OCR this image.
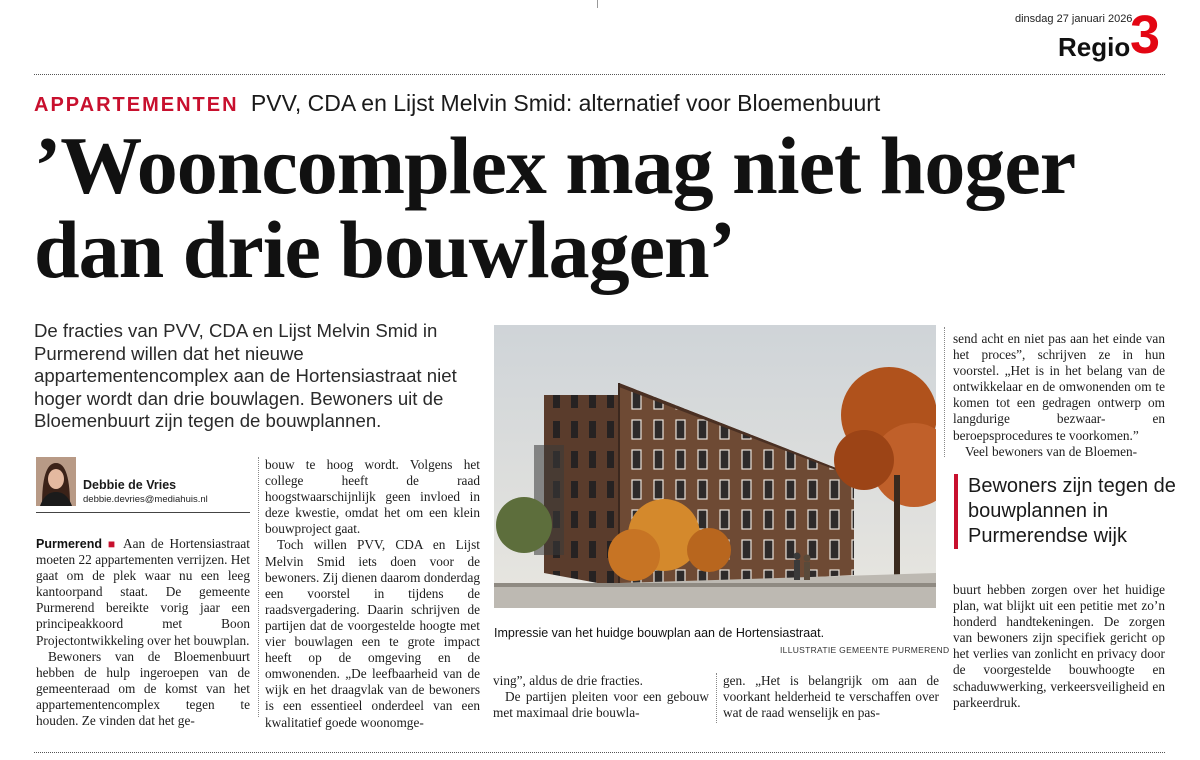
dinsdag 27 januari 2026
Regio 3
APPARTEMENTEN PVV, CDA en Lijst Melvin Smid: alternatief voor Bloemenbuurt
’Wooncomplex mag niet hoger dan drie bouwlagen’
De fracties van PVV, CDA en Lijst Melvin Smid in Purmerend willen dat het nieuwe appartementencomplex aan de Hortensiastraat niet hoger wordt dan drie bouwlagen. Bewoners uit de Bloemenbuurt zijn tegen de bouwplannen.
Debbie de Vries
debbie.devries@mediahuis.nl

Purmerend ■ Aan de Hortensiastraat moeten 22 appartementen verrijzen. Het gaat om de plek waar nu een leeg kantoorpand staat. De gemeente Purmerend bereikte vorig jaar een principeakkoord met Boon Projectontwikkeling over het bouwplan.

Bewoners van de Bloemenbuurt hebben de hulp ingeroepen van de gemeenteraad om de komst van het appartementencomplex tegen te houden. Ze vinden dat het ge-

bouw te hoog wordt. Volgens het college heeft de raad hoogstwaarschijnlijk geen invloed in deze kwestie, omdat het om een klein bouwproject gaat.

Toch willen PVV, CDA en Lijst Melvin Smid iets doen voor de bewoners. Zij dienen daarom donderdag een voorstel in tijdens de raadsvergadering. Daarin schrijven de partijen dat de voorgestelde hoogte met vier bouwlagen een te grote impact heeft op de omgeving en de omwonenden. „De leefbaarheid van de wijk en het draagvlak van de bewoners is een essentieel onderdeel van een kwalitatief goede woonomge-

Impressie van het huidge bouwplan aan de Hortensiastraat.
ILLUSTRATIE GEMEENTE PURMEREND

ving”, aldus de drie fracties.

De partijen pleiten voor een gebouw met maximaal drie bouwla-

gen. „Het is belangrijk om aan de voorkant helderheid te verschaffen over wat de raad wenselijk en pas-

send acht en niet pas aan het einde van het proces”, schrijven ze in hun voorstel. „Het is in het belang van de ontwikkelaar en de omwonenden om te komen tot een gedragen ontwerp om langdurige bezwaar- en beroepsprocedures te voorkomen.”

Veel bewoners van de Bloemen-

Bewoners zijn tegen de bouwplannen in Purmerendse wijk

buurt hebben zorgen over het huidige plan, wat blijkt uit een petitie met zo’n honderd handtekeningen. De zorgen van bewoners zijn specifiek gericht op het verlies van zonlicht en privacy door de voorgestelde bouwhoogte en schaduwwerking, verkeersveiligheid en parkeerdruk.
